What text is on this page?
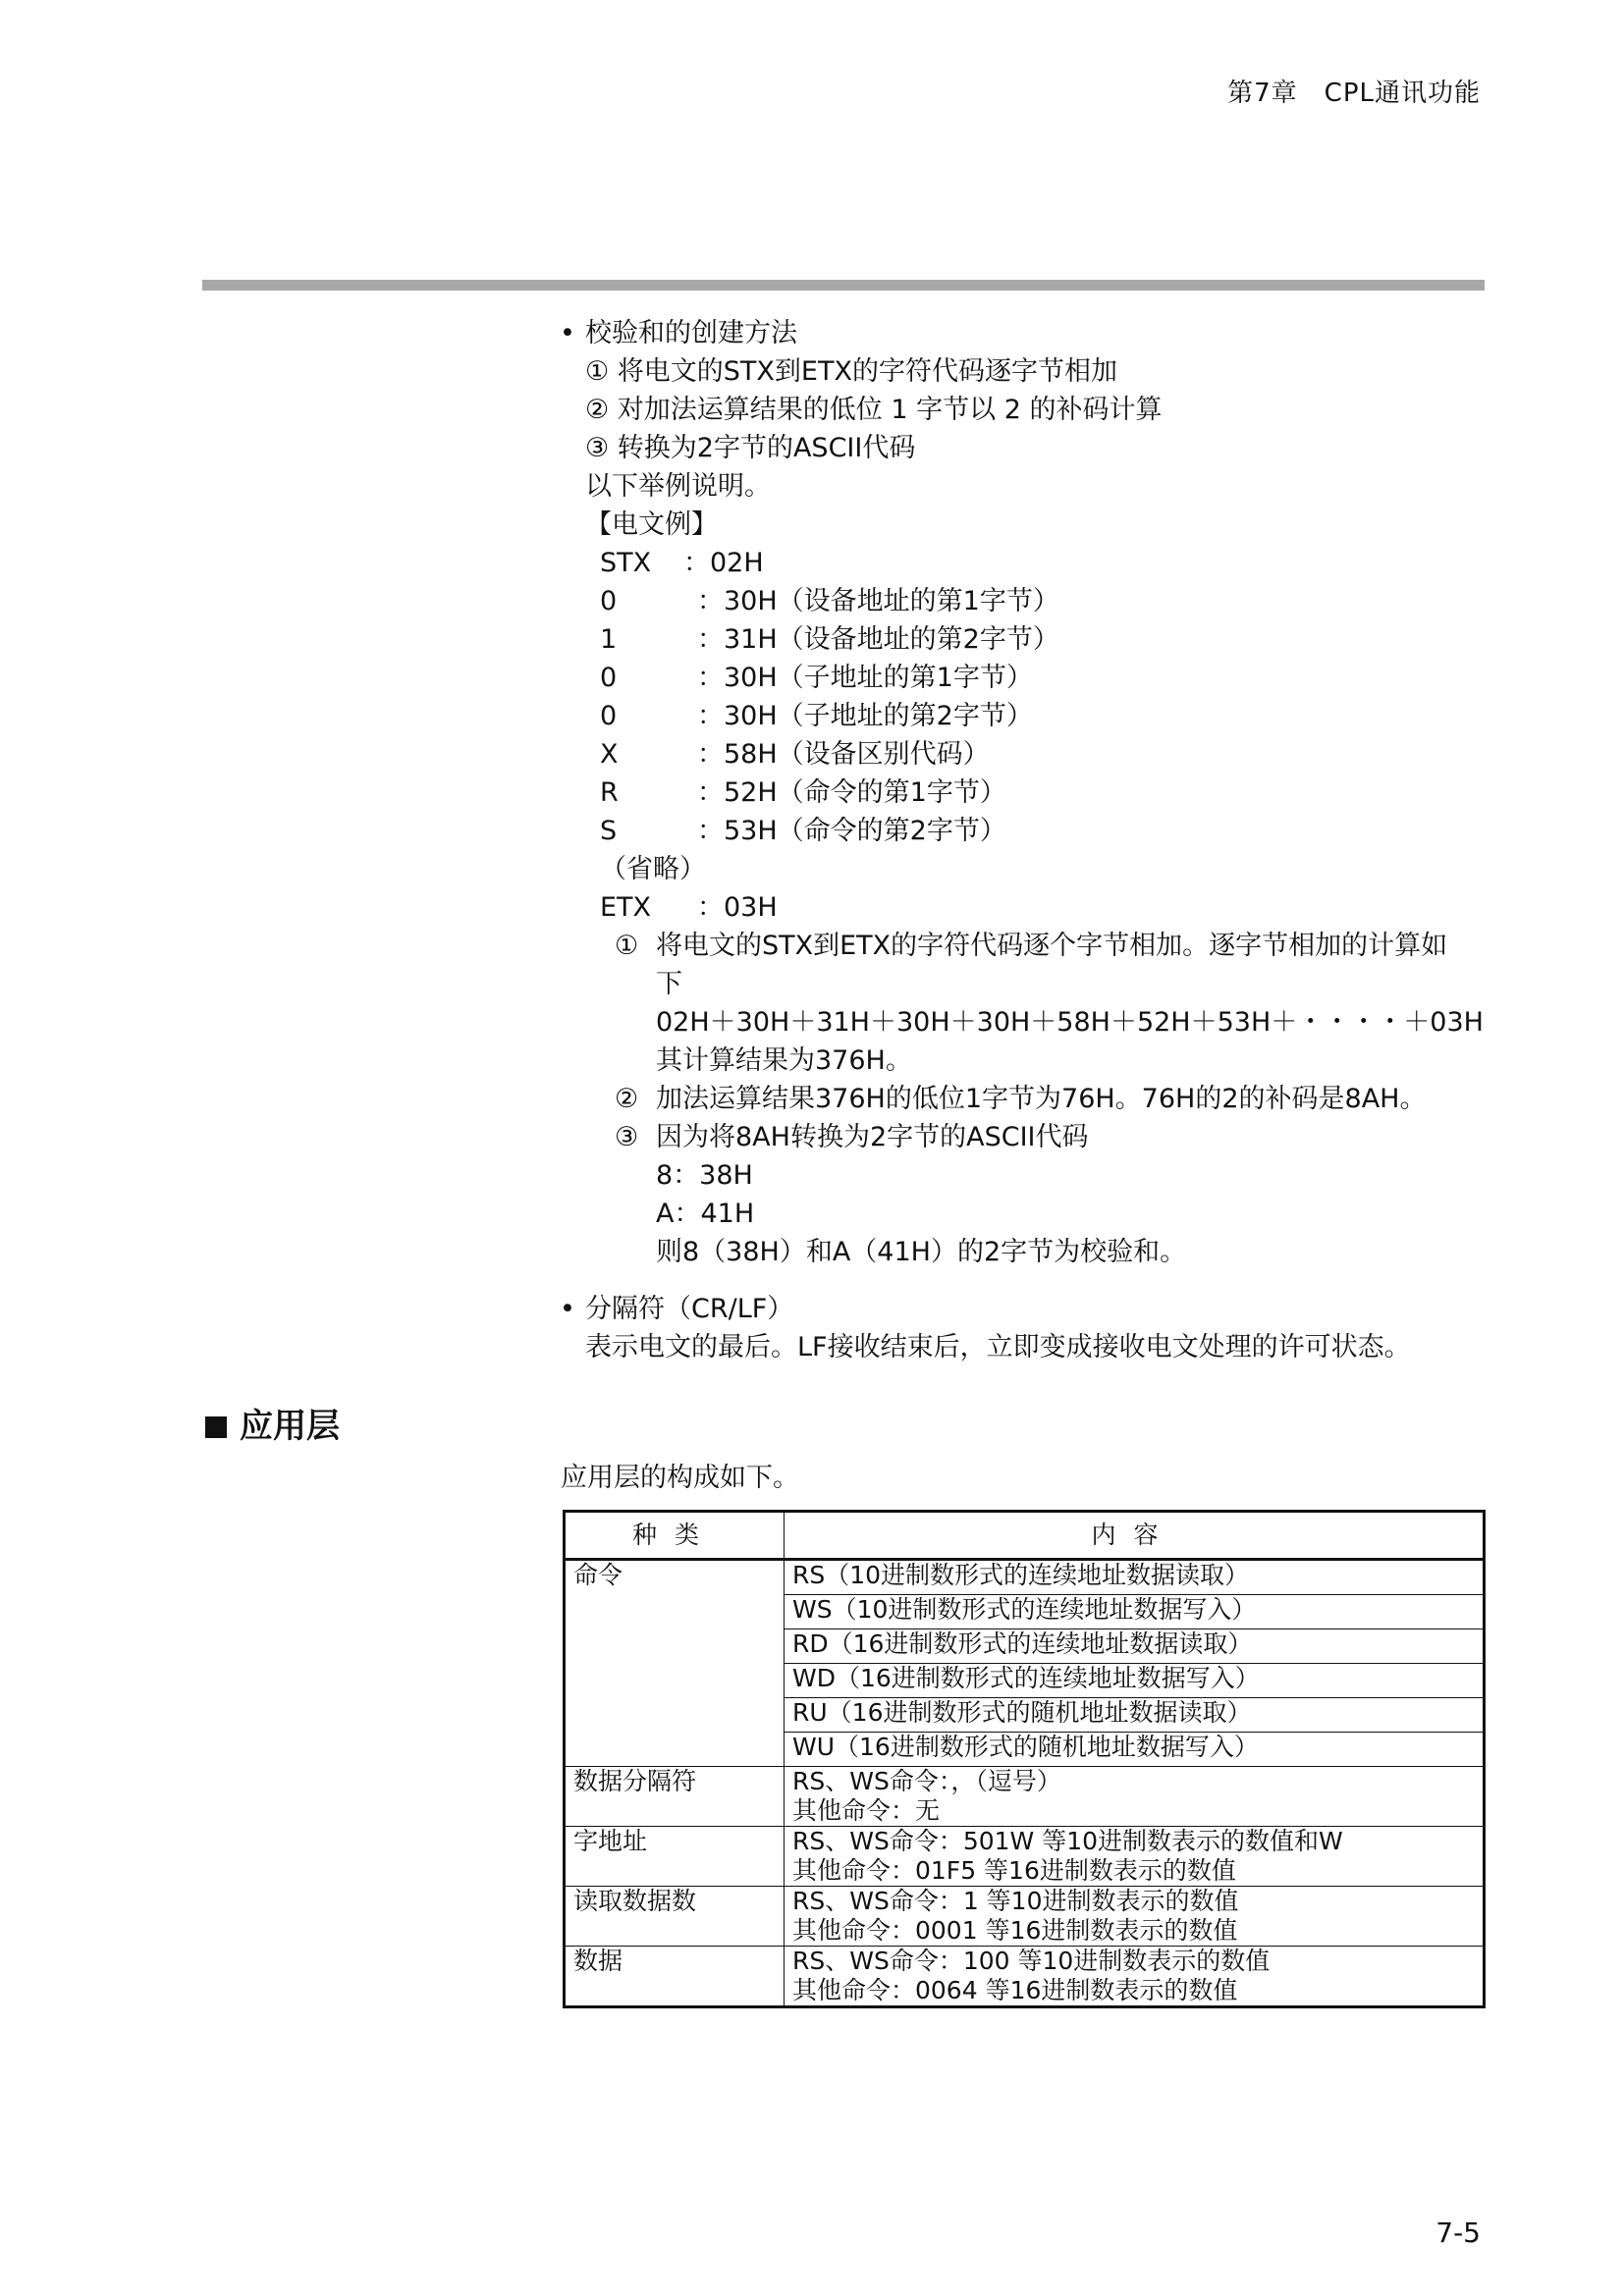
第7章　CPL通讯功能
• 校验和的创建方法
① 将电文的STX到ETX的字符代码逐字节相加
② 对加法运算结果的低位 1 字节以 2 的补码计算
③ 转换为2字节的ASCII代码
以下举例说明。
【电文例】
STX ：02H
0	：30H（设备地址的第1字节）
1	：31H（设备地址的第2字节）
0	：30H（子地址的第1字节）
0	：30H（子地址的第2字节）
X	：58H（设备区别代码）
R	：52H（命令的第1字节）
S	：53H（命令的第2字节）
（省略）
ETX ：03H
① 将电文的STX到ETX的字符代码逐个字节相加。逐字节相加的计算如
下
02H＋30H＋31H＋30H＋30H＋58H＋52H＋53H＋・・・・＋03H
其计算结果为376H。
② 加法运算结果376H的低位1字节为76H。76H的2的补码是8AH。
③ 因为将8AH转换为2字节的ASCII代码
8：38H
A：41H
则8（38H）和A（41H）的2字节为校验和。
• 分隔符（CR/LF）
表示电文的最后。LF接收结束后，立即变成接收电文处理的许可状态。
应用层
应用层的构成如下。
种类	内容
命令	RS（10进制数形式的连续地址数据读取）
	WS（10进制数形式的连续地址数据写入）
	RD（16进制数形式的连续地址数据读取）
	WD（16进制数形式的连续地址数据写入）
	RU（16进制数形式的随机地址数据读取）
	WU（16进制数形式的随机地址数据写入）
数据分隔符	RS、WS命令：，（逗号）
其他命令：无

字地址	RS、WS命令：501W 等10进制数表示的数值和W
其他命令：01F5 等16进制数表示的数值

读取数据数	RS、WS命令：1 等10进制数表示的数值
其他命令：0001 等16进制数表示的数值

数据	RS、WS命令：100 等10进制数表示的数值
其他命令：0064 等16进制数表示的数值
7-5
